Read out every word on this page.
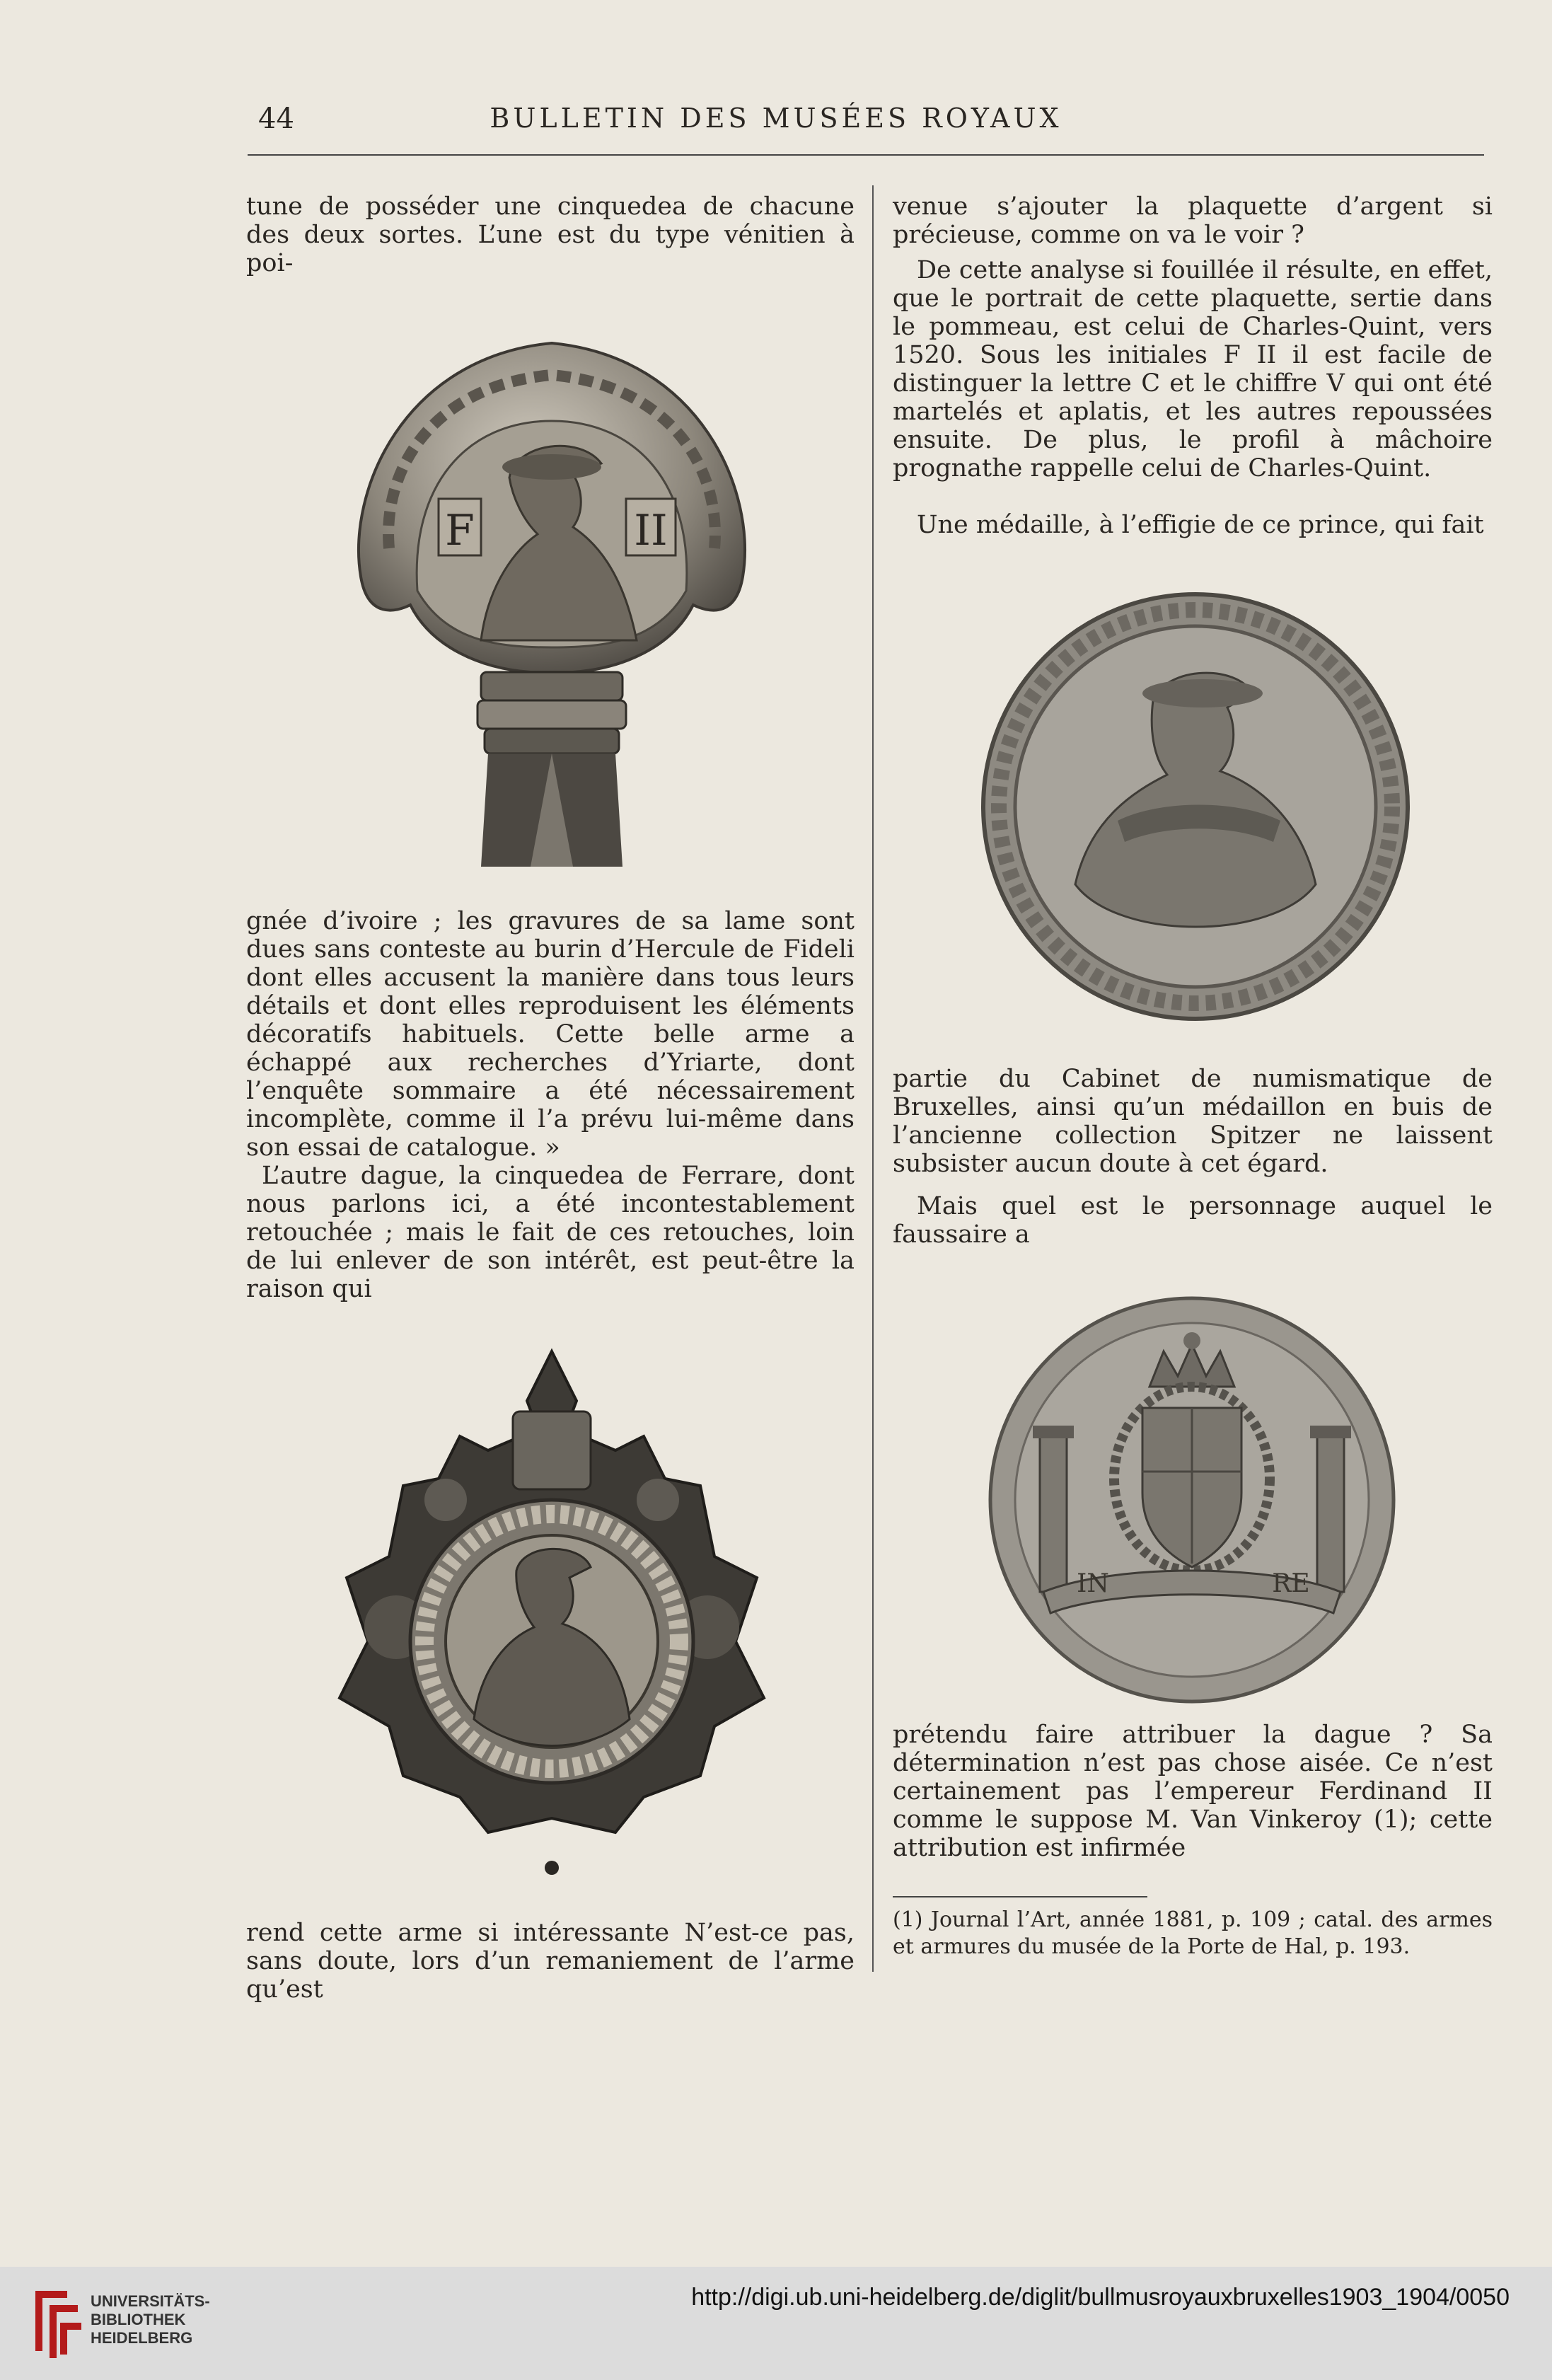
44	BULLETIN DES MUSÉES ROYAUX

tune de posséder une cinquedea de chacune des deux sortes. L’une est du type vénitien à poi-

gnée d’ivoire ; les gravures de sa lame sont dues sans conteste au burin d’Hercule de Fideli dont elles accusent la manière dans tous leurs détails et dont elles reproduisent les éléments décoratifs habituels. Cette belle arme a échappé aux recherches d’Yriarte, dont l’enquête sommaire a été nécessairement incomplète, comme il l’a prévu lui-même dans son essai de catalogue. »

L’autre dague, la cinquedea de Ferrare, dont nous parlons ici, a été incontestablement retouchée ; mais le fait de ces retouches, loin de lui enlever de son intérêt, est peut-être la raison qui

rend cette arme si intéressante N’est-ce pas, sans doute, lors d’un remaniement de l’arme qu’est

venue s’ajouter la plaquette d’argent si précieuse, comme on va le voir ?

De cette analyse si fouillée il résulte, en effet, que le portrait de cette plaquette, sertie dans le pommeau, est celui de Charles-Quint, vers 1520. Sous les initiales F II il est facile de distinguer la lettre C et le chiffre V qui ont été martelés et aplatis, et les autres repoussées ensuite. De plus, le profil à mâchoire prognathe rappelle celui de Charles-Quint.

Une médaille, à l’effigie de ce prince, qui fait

partie du Cabinet de numismatique de Bruxelles, ainsi qu’un médaillon en buis de l’ancienne collection Spitzer ne laissent subsister aucun doute à cet égard.

Mais quel est le personnage auquel le faussaire a

prétendu faire attribuer la dague ? Sa détermination n’est pas chose aisée. Ce n’est certainement pas l’empereur Ferdinand II comme le suppose M. Van Vinkeroy (1); cette attribution est infirmée

F	II
IN	RE

(1) Journal l’Art, année 1881, p. 109 ; catal. des armes et armures du musée de la Porte de Hal, p. 193.

UNIVERSITÄTS-
BIBLIOTHEK
HEIDELBERG
http://digi.ub.uni-heidelberg.de/diglit/bullmusroyauxbruxelles1903_1904/0050
